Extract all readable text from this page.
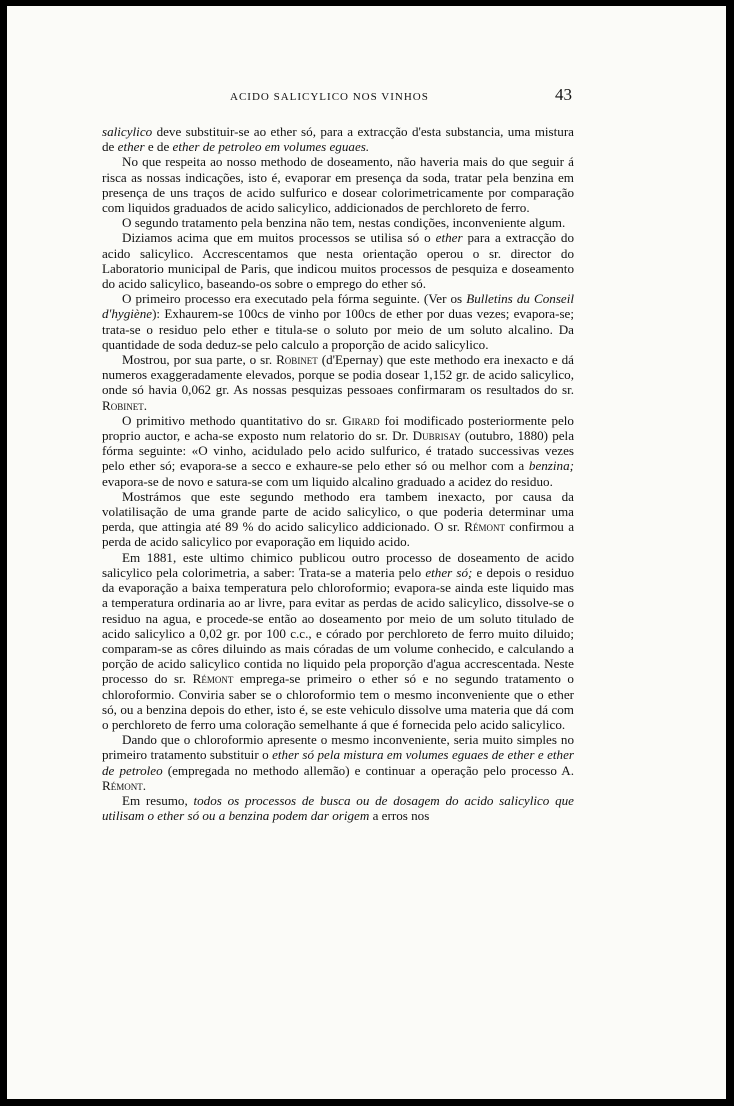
ACIDO SALICYLICO NOS VINHOS	43

salicylico deve substituir-se ao ether só, para a extracção d'esta substancia, uma mistura de ether e de ether de petroleo em volumes eguaes.

No que respeita ao nosso methodo de doseamento, não haveria mais do que seguir á risca as nossas indicações, isto é, evaporar em presença da soda, tratar pela benzina em presença de uns traços de acido sulfurico e dosear colorimetricamente por comparação com liquidos graduados de acido salicylico, addicionados de perchloreto de ferro.

O segundo tratamento pela benzina não tem, nestas condições, inconveniente algum.

Diziamos acima que em muitos processos se utilisa só o ether para a extracção do acido salicylico. Accrescentamos que nesta orientação operou o sr. director do Laboratorio municipal de Paris, que indicou muitos processos de pesquiza e doseamento do acido salicylico, baseando-os sobre o emprego do ether só.

O primeiro processo era executado pela fórma seguinte. (Ver os Bulletins du Conseil d'hygiène): Exhaurem-se 100cs de vinho por 100cs de ether por duas vezes; evapora-se; trata-se o residuo pelo ether e titula-se o soluto por meio de um soluto alcalino. Da quantidade de soda deduz-se pelo calculo a proporção de acido salicylico.

Mostrou, por sua parte, o sr. Robinet (d'Epernay) que este methodo era inexacto e dá numeros exaggeradamente elevados, porque se podia dosear 1,152 gr. de acido salicylico, onde só havia 0,062 gr. As nossas pesquizas pessoaes confirmaram os resultados do sr. Robinet.

O primitivo methodo quantitativo do sr. Girard foi modificado posteriormente pelo proprio auctor, e acha-se exposto num relatorio do sr. Dr. Dubrisay (outubro, 1880) pela fórma seguinte: «O vinho, acidulado pelo acido sulfurico, é tratado successivas vezes pelo ether só; evapora-se a secco e exhaure-se pelo ether só ou melhor com a benzina; evapora-se de novo e satura-se com um liquido alcalino graduado a acidez do residuo.

Mostrámos que este segundo methodo era tambem inexacto, por causa da volatilisação de uma grande parte de acido salicylico, o que poderia determinar uma perda, que attingia até 89 % do acido salicylico addicionado. O sr. Rémont confirmou a perda de acido salicylico por evaporação em liquido acido.

Em 1881, este ultimo chimico publicou outro processo de doseamento de acido salicylico pela colorimetria, a saber: Trata-se a materia pelo ether só; e depois o residuo da evaporação a baixa temperatura pelo chloroformio; evapora-se ainda este liquido mas a temperatura ordinaria ao ar livre, para evitar as perdas de acido salicylico, dissolve-se o residuo na agua, e procede-se então ao doseamento por meio de um soluto titulado de acido salicylico a 0,02 gr. por 100 c.c., e córado por perchloreto de ferro muito diluido; comparam-se as côres diluindo as mais córadas de um volume conhecido, e calculando a porção de acido salicylico contida no liquido pela proporção d'agua accrescentada. Neste processo do sr. Rémont emprega-se primeiro o ether só e no segundo tratamento o chloroformio. Conviria saber se o chloroformio tem o mesmo inconveniente que o ether só, ou a benzina depois do ether, isto é, se este vehiculo dissolve uma materia que dá com o perchloreto de ferro uma coloração semelhante á que é fornecida pelo acido salicylico.

Dando que o chloroformio apresente o mesmo inconveniente, seria muito simples no primeiro tratamento substituir o ether só pela mistura em volumes eguaes de ether e ether de petroleo (empregada no methodo allemão) e continuar a operação pelo processo A. Rémont.

Em resumo, todos os processos de busca ou de dosagem do acido salicylico que utilisam o ether só ou a benzina podem dar origem a erros nos
